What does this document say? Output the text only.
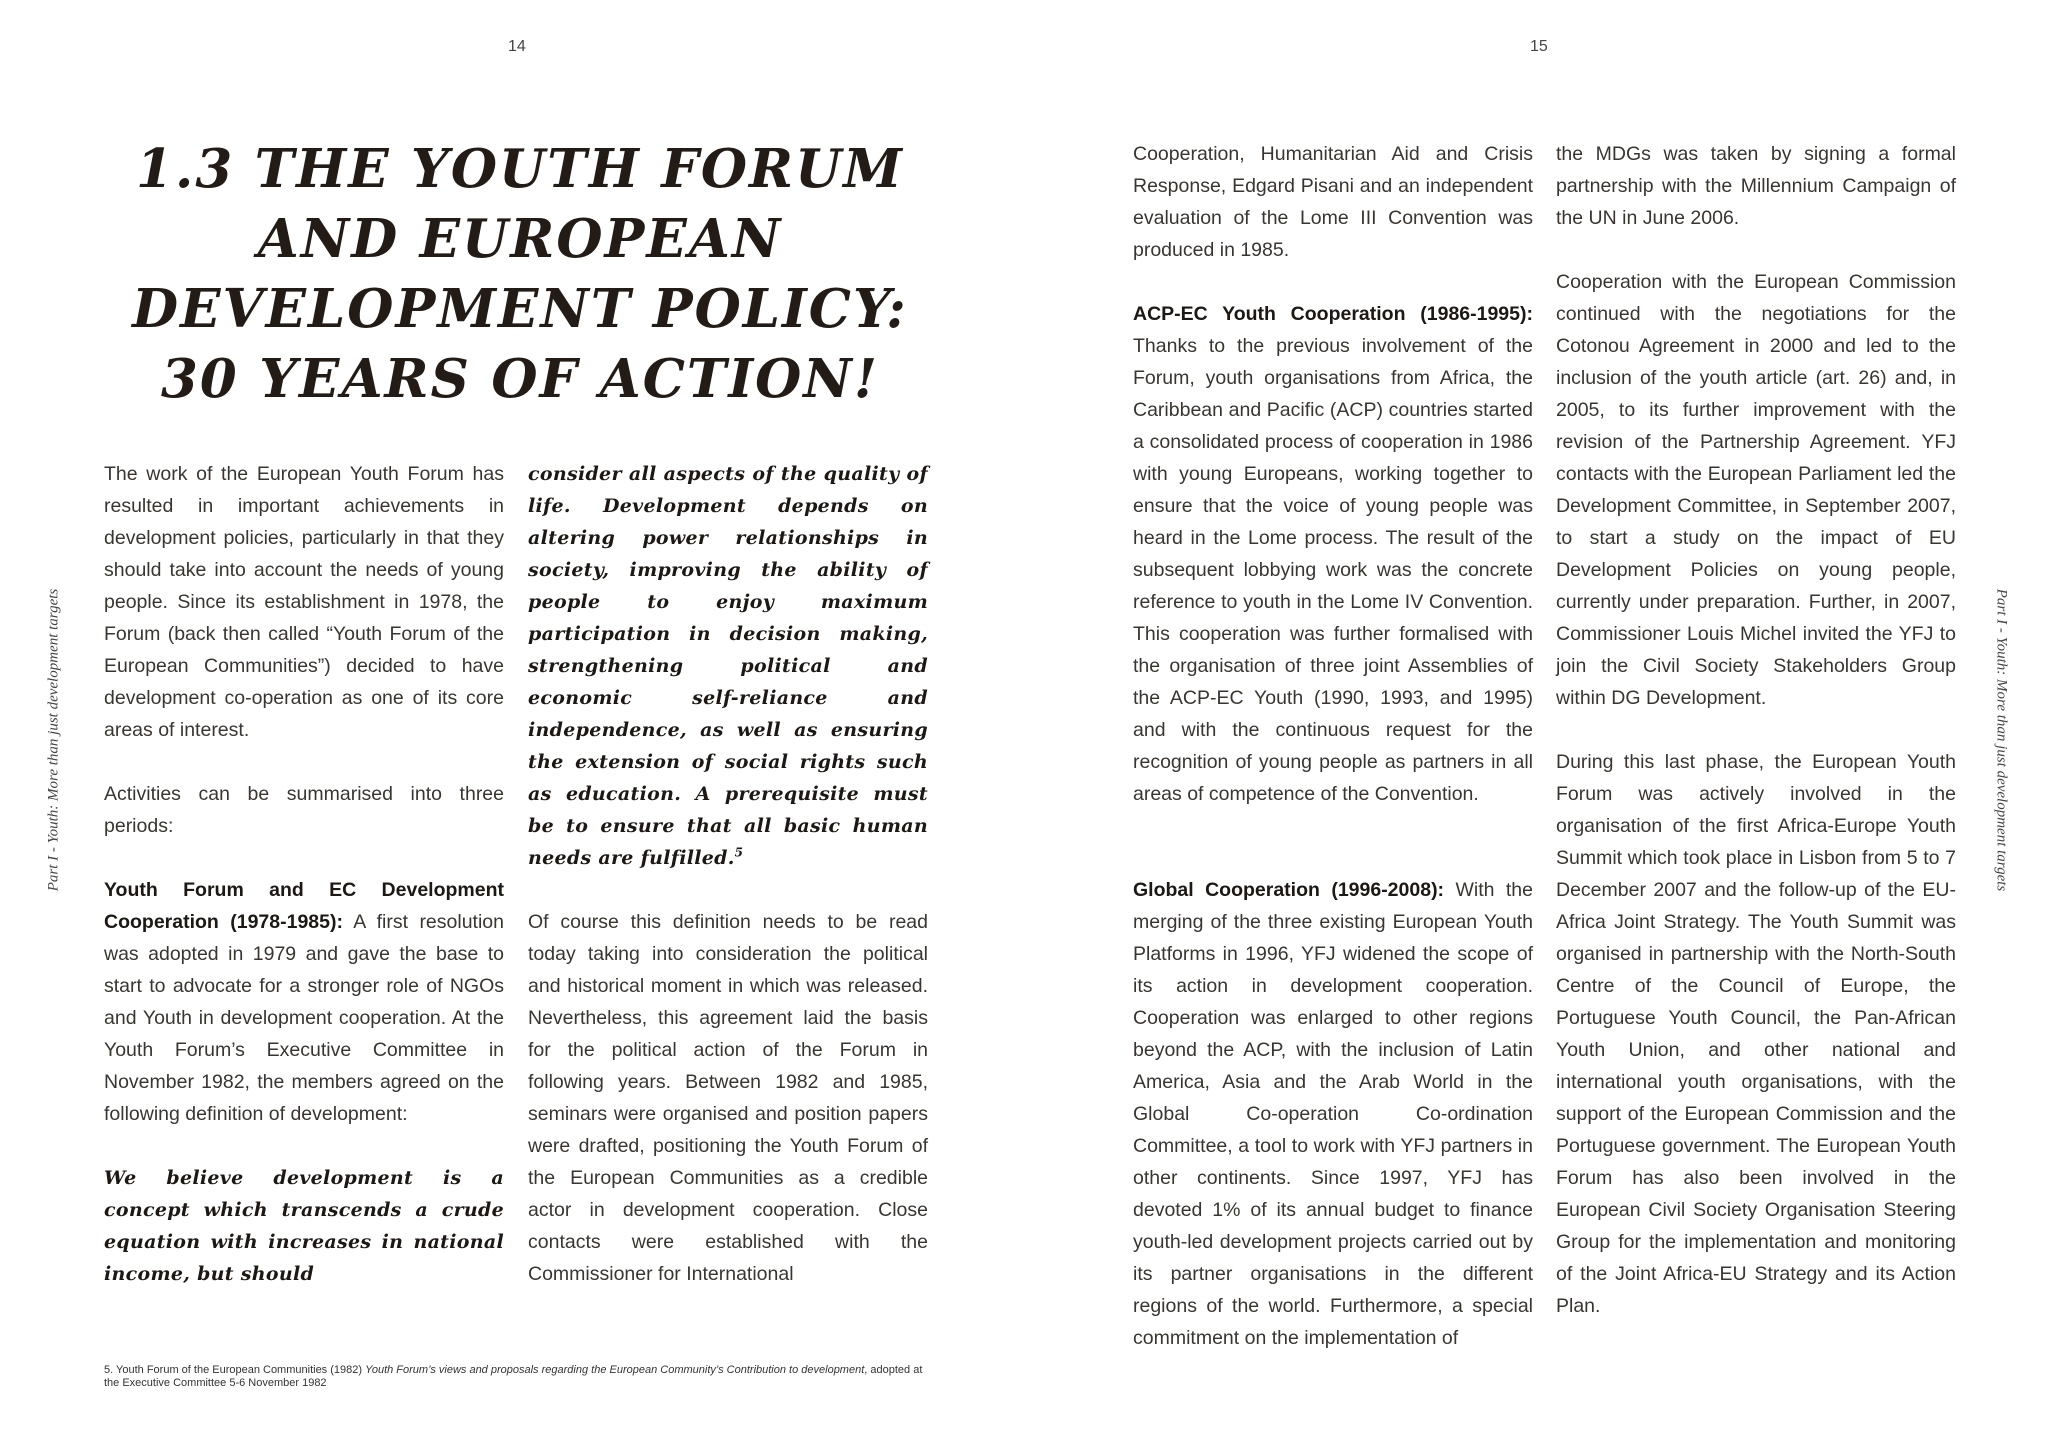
14	15
Part I - Youth: More than just development targets	Part I - Youth: More than just development targets
1.3 THE YOUTH FORUM
AND EUROPEAN
DEVELOPMENT POLICY:
30 YEARS OF ACTION!

The work of the European Youth Forum has resulted in important achievements in development policies, particularly in that they should take into account the needs of young people. Since its establishment in 1978, the Forum (back then called “Youth Forum of the European Communities”) decided to have development co-operation as one of its core areas of interest.

Activities can be summarised into three periods:

Youth Forum and EC Development Cooperation (1978-1985): A first resolution was adopted in 1979 and gave the base to start to advocate for a stronger role of NGOs and Youth in development cooperation. At the Youth Forum’s Executive Committee in November 1982, the members agreed on the following definition of development:

We believe development is a concept which transcends a crude equation with increases in national income, but should

consider all aspects of the quality of life. Development depends on altering power relationships in society, improving the ability of people to enjoy maximum participation in decision making, strengthening political and economic self-reliance and independence, as well as ensuring the extension of social rights such as education. A prerequisite must be to ensure that all basic human needs are fulfilled.$^5$

Of course this definition needs to be read today taking into consideration the political and historical moment in which was released. Nevertheless, this agreement laid the basis for the political action of the Forum in following years. Between 1982 and 1985, seminars were organised and position papers were drafted, positioning the Youth Forum of the European Communities as a credible actor in development cooperation. Close contacts were established with the Commissioner for International

Cooperation, Humanitarian Aid and Crisis Response, Edgard Pisani and an independent evaluation of the Lome III Convention was produced in 1985.

ACP-EC Youth Cooperation (1986-1995): Thanks to the previous involvement of the Forum, youth organisations from Africa, the Caribbean and Pacific (ACP) countries started a consolidated process of cooperation in 1986 with young Europeans, working together to ensure that the voice of young people was heard in the Lome process. The result of the subsequent lobbying work was the concrete reference to youth in the Lome IV Convention. This cooperation was further formalised with the organisation of three joint Assemblies of the ACP-EC Youth (1990, 1993, and 1995) and with the continuous request for the recognition of young people as partners in all areas of competence of the Convention.

Global Cooperation (1996-2008): With the merging of the three existing European Youth Platforms in 1996, YFJ widened the scope of its action in development cooperation. Cooperation was enlarged to other regions beyond the ACP, with the inclusion of Latin America, Asia and the Arab World in the Global Co-operation Co-ordination Committee, a tool to work with YFJ partners in other continents. Since 1997, YFJ has devoted 1% of its annual budget to finance youth-led development projects carried out by its partner organisations in the different regions of the world. Furthermore, a special commitment on the implementation of

the MDGs was taken by signing a formal partnership with the Millennium Campaign of the UN in June 2006.

Cooperation with the European Commission continued with the negotiations for the Cotonou Agreement in 2000 and led to the inclusion of the youth article (art. 26) and, in 2005, to its further improvement with the revision of the Partnership Agreement. YFJ contacts with the European Parliament led the Development Committee, in September 2007, to start a study on the impact of EU Development Policies on young people, currently under preparation. Further, in 2007, Commissioner Louis Michel invited the YFJ to join the Civil Society Stakeholders Group within DG Development.

During this last phase, the European Youth Forum was actively involved in the organisation of the first Africa-Europe Youth Summit which took place in Lisbon from 5 to 7 December 2007 and the follow-up of the EU-Africa Joint Strategy. The Youth Summit was organised in partnership with the North-South Centre of the Council of Europe, the Portuguese Youth Council, the Pan-African Youth Union, and other national and international youth organisations, with the support of the European Commission and the Portuguese government. The European Youth Forum has also been involved in the European Civil Society Organisation Steering Group for the implementation and monitoring of the Joint Africa-EU Strategy and its Action Plan.

5. Youth Forum of the European Communities (1982) Youth Forum’s views and proposals regarding the European Community’s Contribution to development, adopted at the Executive Committee 5-6 November 1982
